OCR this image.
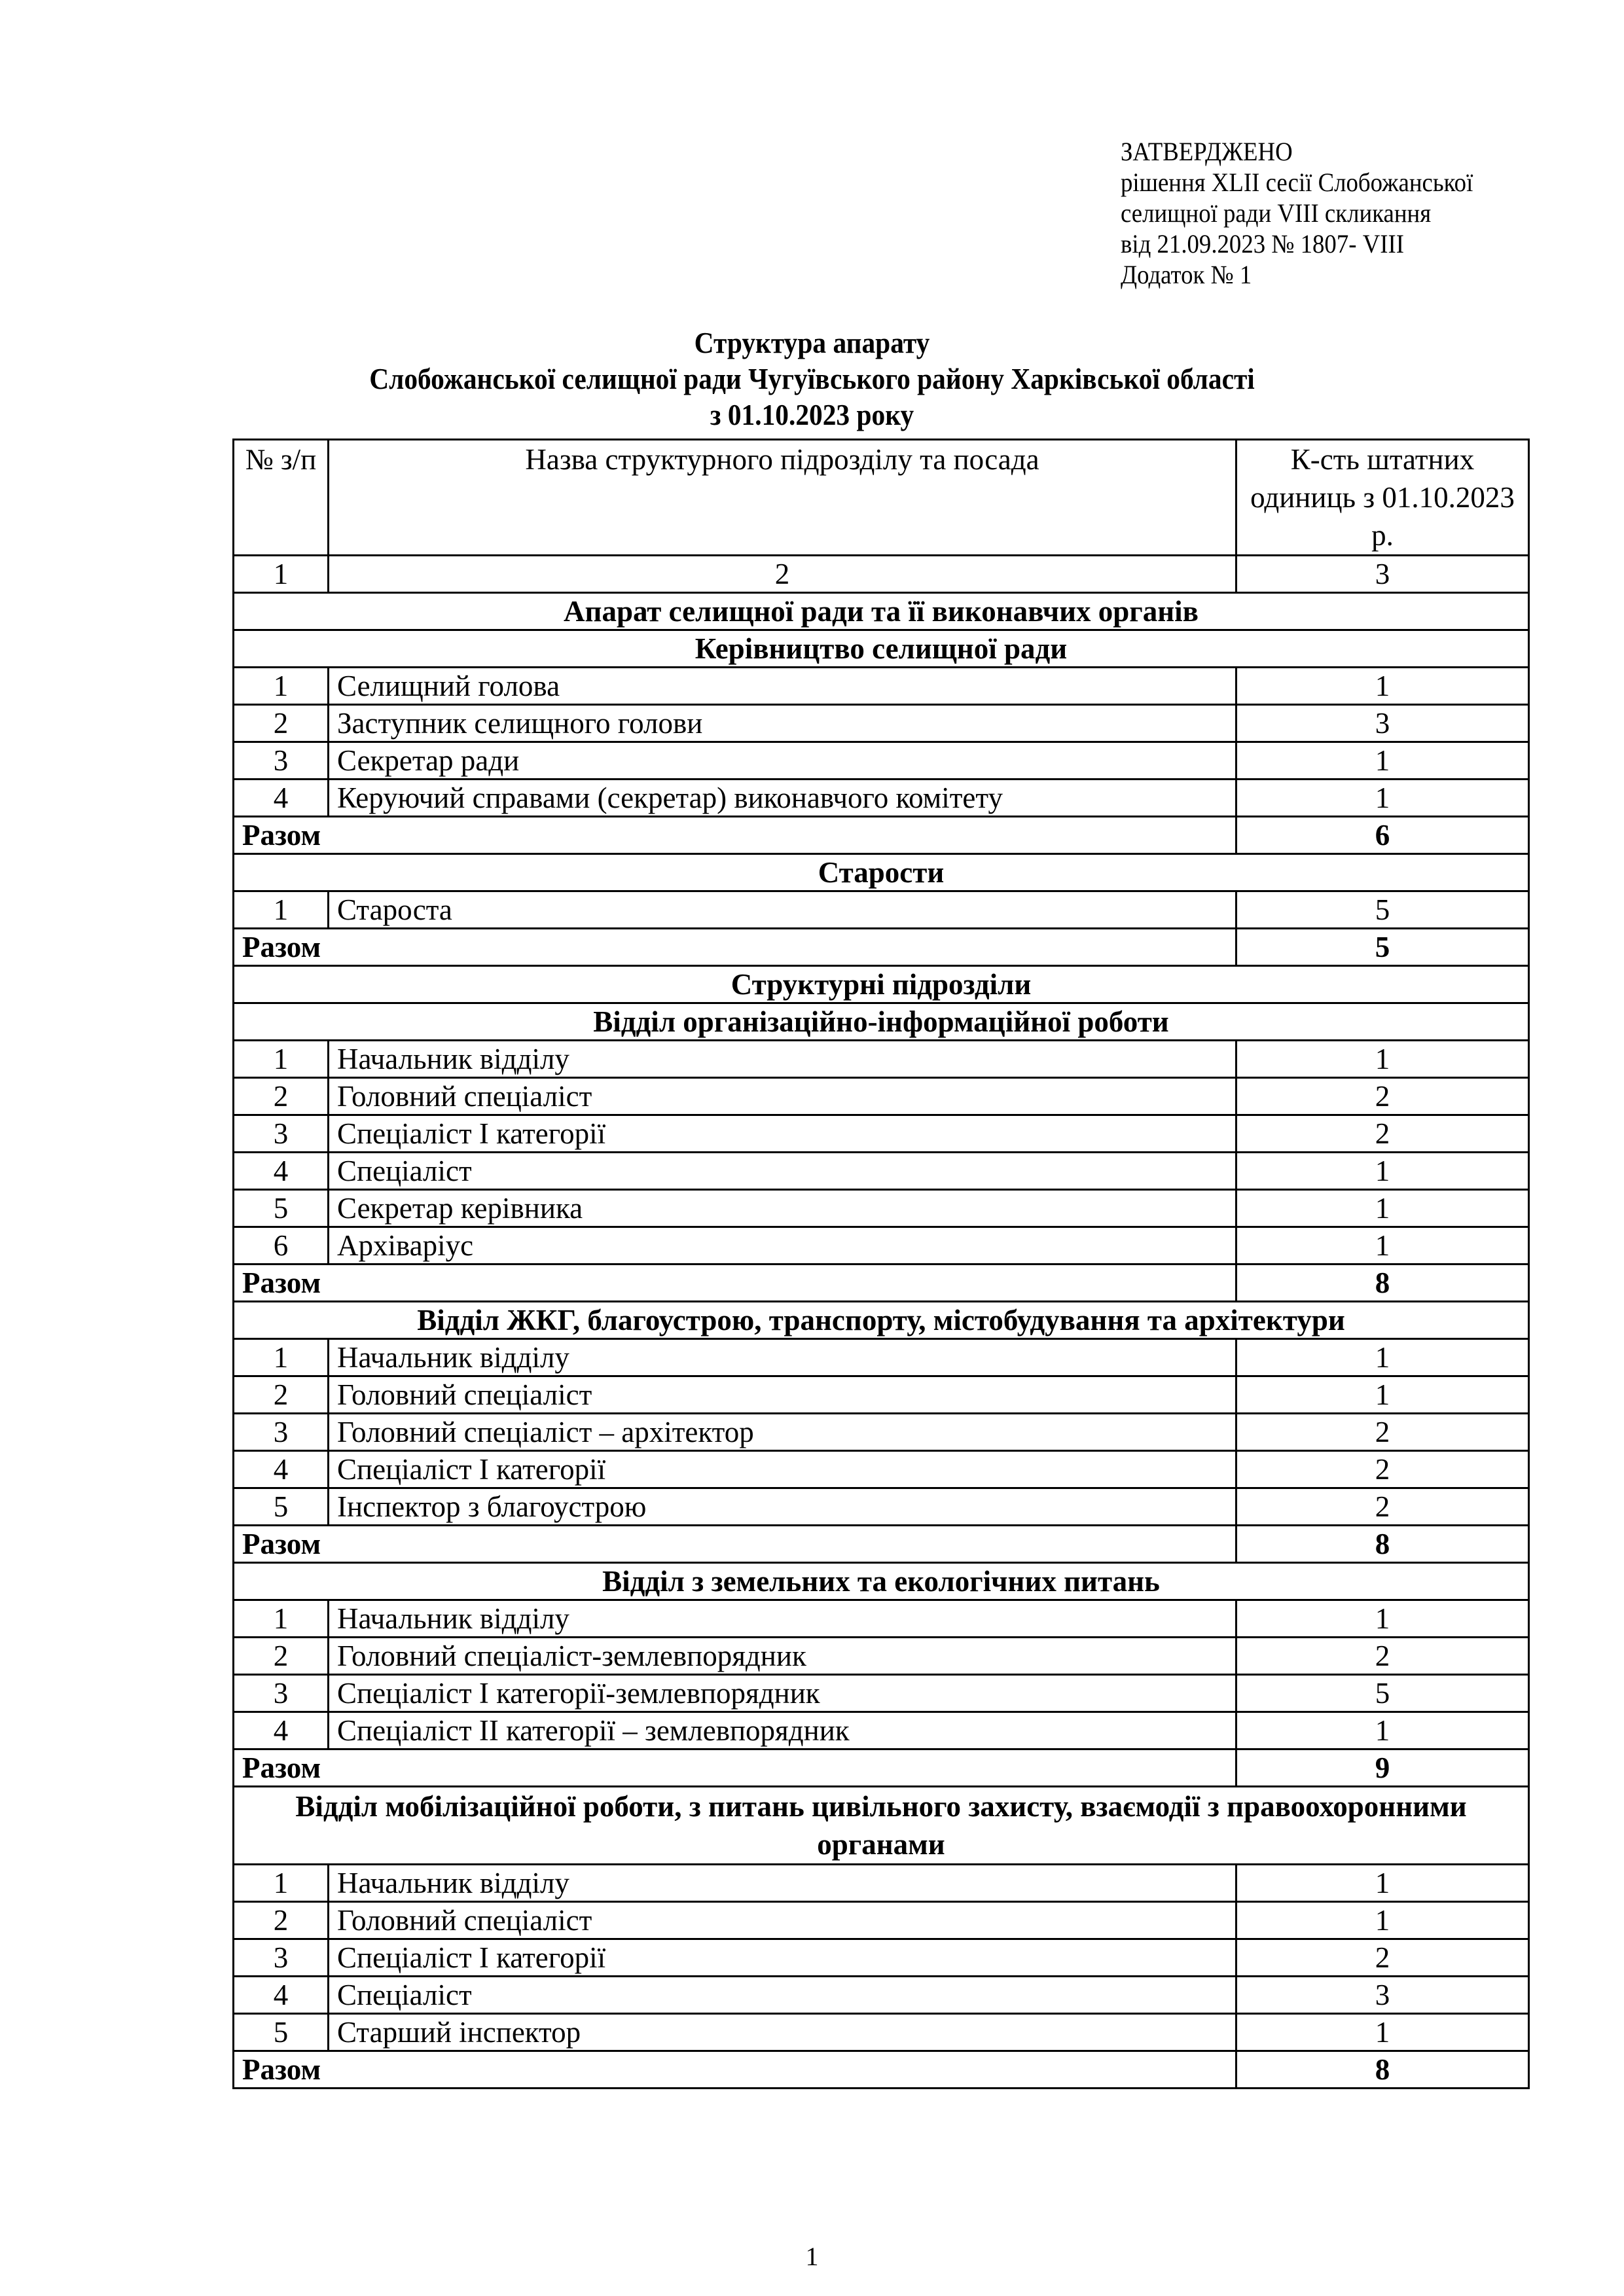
ЗАТВЕРДЖЕНО
рішення XLII сесії Слобожанської
селищної ради VIII скликання
від 21.09.2023 № 1807- VIII
Додаток № 1
Структура апарату
Слобожанської селищної ради Чугуївського району Харківської області
з 01.10.2023 року
№ з/п	Назва структурного підрозділу та посада	К-сть штатних одиниць з 01.10.2023 р.
1	2	3
Апарат селищної ради та її виконавчих органів		
Керівництво селищної ради		
1	Селищний голова	1
2	Заступник селищного голови	3
3	Секретар ради	1
4	Керуючий справами (секретар) виконавчого комітету	1
Разом		6
Старости		
1	Староста	5
Разом		5
Структурні підрозділи		
Відділ організаційно-інформаційної роботи		
1	Начальник відділу	1
2	Головний спеціаліст	2
3	Спеціаліст І категорії	2
4	Спеціаліст	1
5	Секретар керівника	1
6	Архіваріус	1
Разом		8
Відділ ЖКГ, благоустрою, транспорту, містобудування та архітектури		
1	Начальник відділу	1
2	Головний спеціаліст	1
3	Головний спеціаліст – архітектор	2
4	Спеціаліст І категорії	2
5	Інспектор з благоустрою	2
Разом		8
Відділ з земельних та екологічних питань		
1	Начальник відділу	1
2	Головний спеціаліст-землевпорядник	2
3	Спеціаліст І категорії-землевпорядник	5
4	Спеціаліст ІІ категорії – землевпорядник	1
Разом		9
Відділ мобілізаційної роботи, з питань цивільного захисту, взаємодії з правоохоронними органами		
1	Начальник відділу	1
2	Головний спеціаліст	1
3	Спеціаліст І категорії	2
4	Спеціаліст	3
5	Старший інспектор	1
Разом		8
1
